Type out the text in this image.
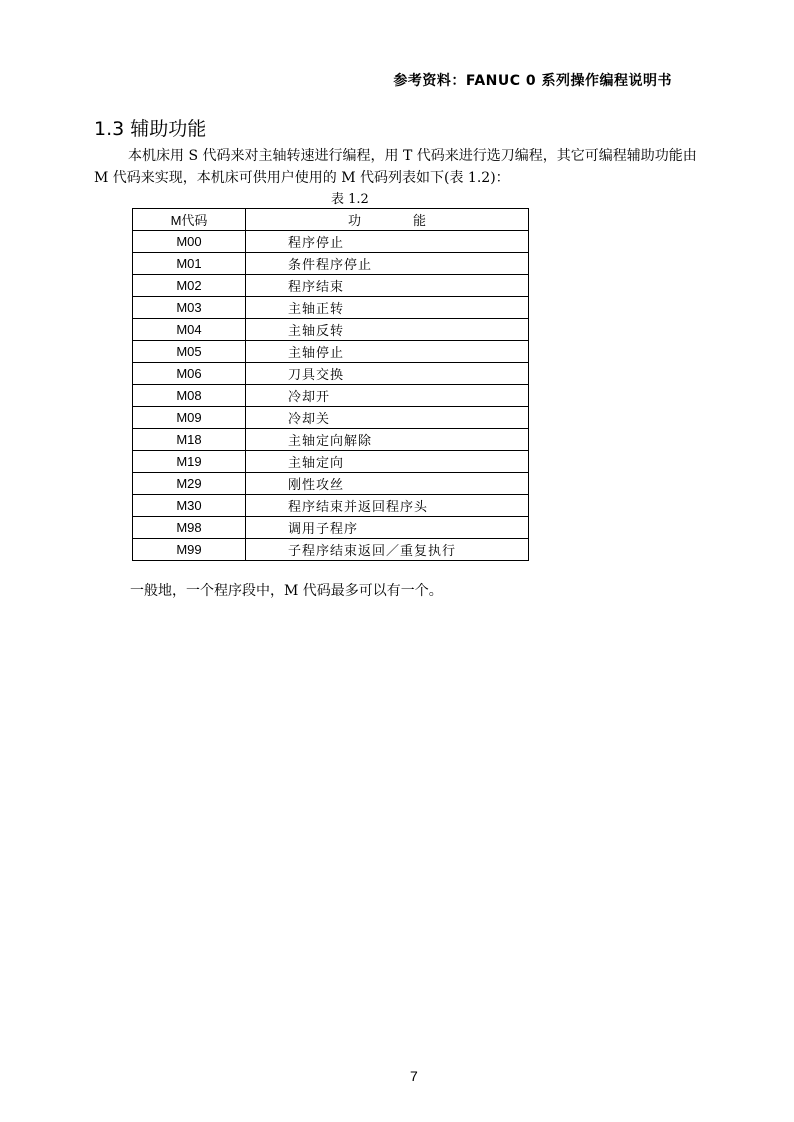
参考资料：FANUC 0 系列操作编程说明书
1.3 辅助功能
本机床用 S 代码来对主轴转速进行编程，用 T 代码来进行选刀编程，其它可编程辅助功能由 M 代码来实现，本机床可供用户使用的 M 代码列表如下(表 1.2)：
表 1.2
M代码	功 能
M00	程序停止
M01	条件程序停止
M02	程序结束
M03	主轴正转
M04	主轴反转
M05	主轴停止
M06	刀具交换
M08	冷却开
M09	冷却关
M18	主轴定向解除
M19	主轴定向
M29	刚性攻丝
M30	程序结束并返回程序头
M98	调用子程序
M99	子程序结束返回／重复执行
一般地，一个程序段中，M 代码最多可以有一个。
7
